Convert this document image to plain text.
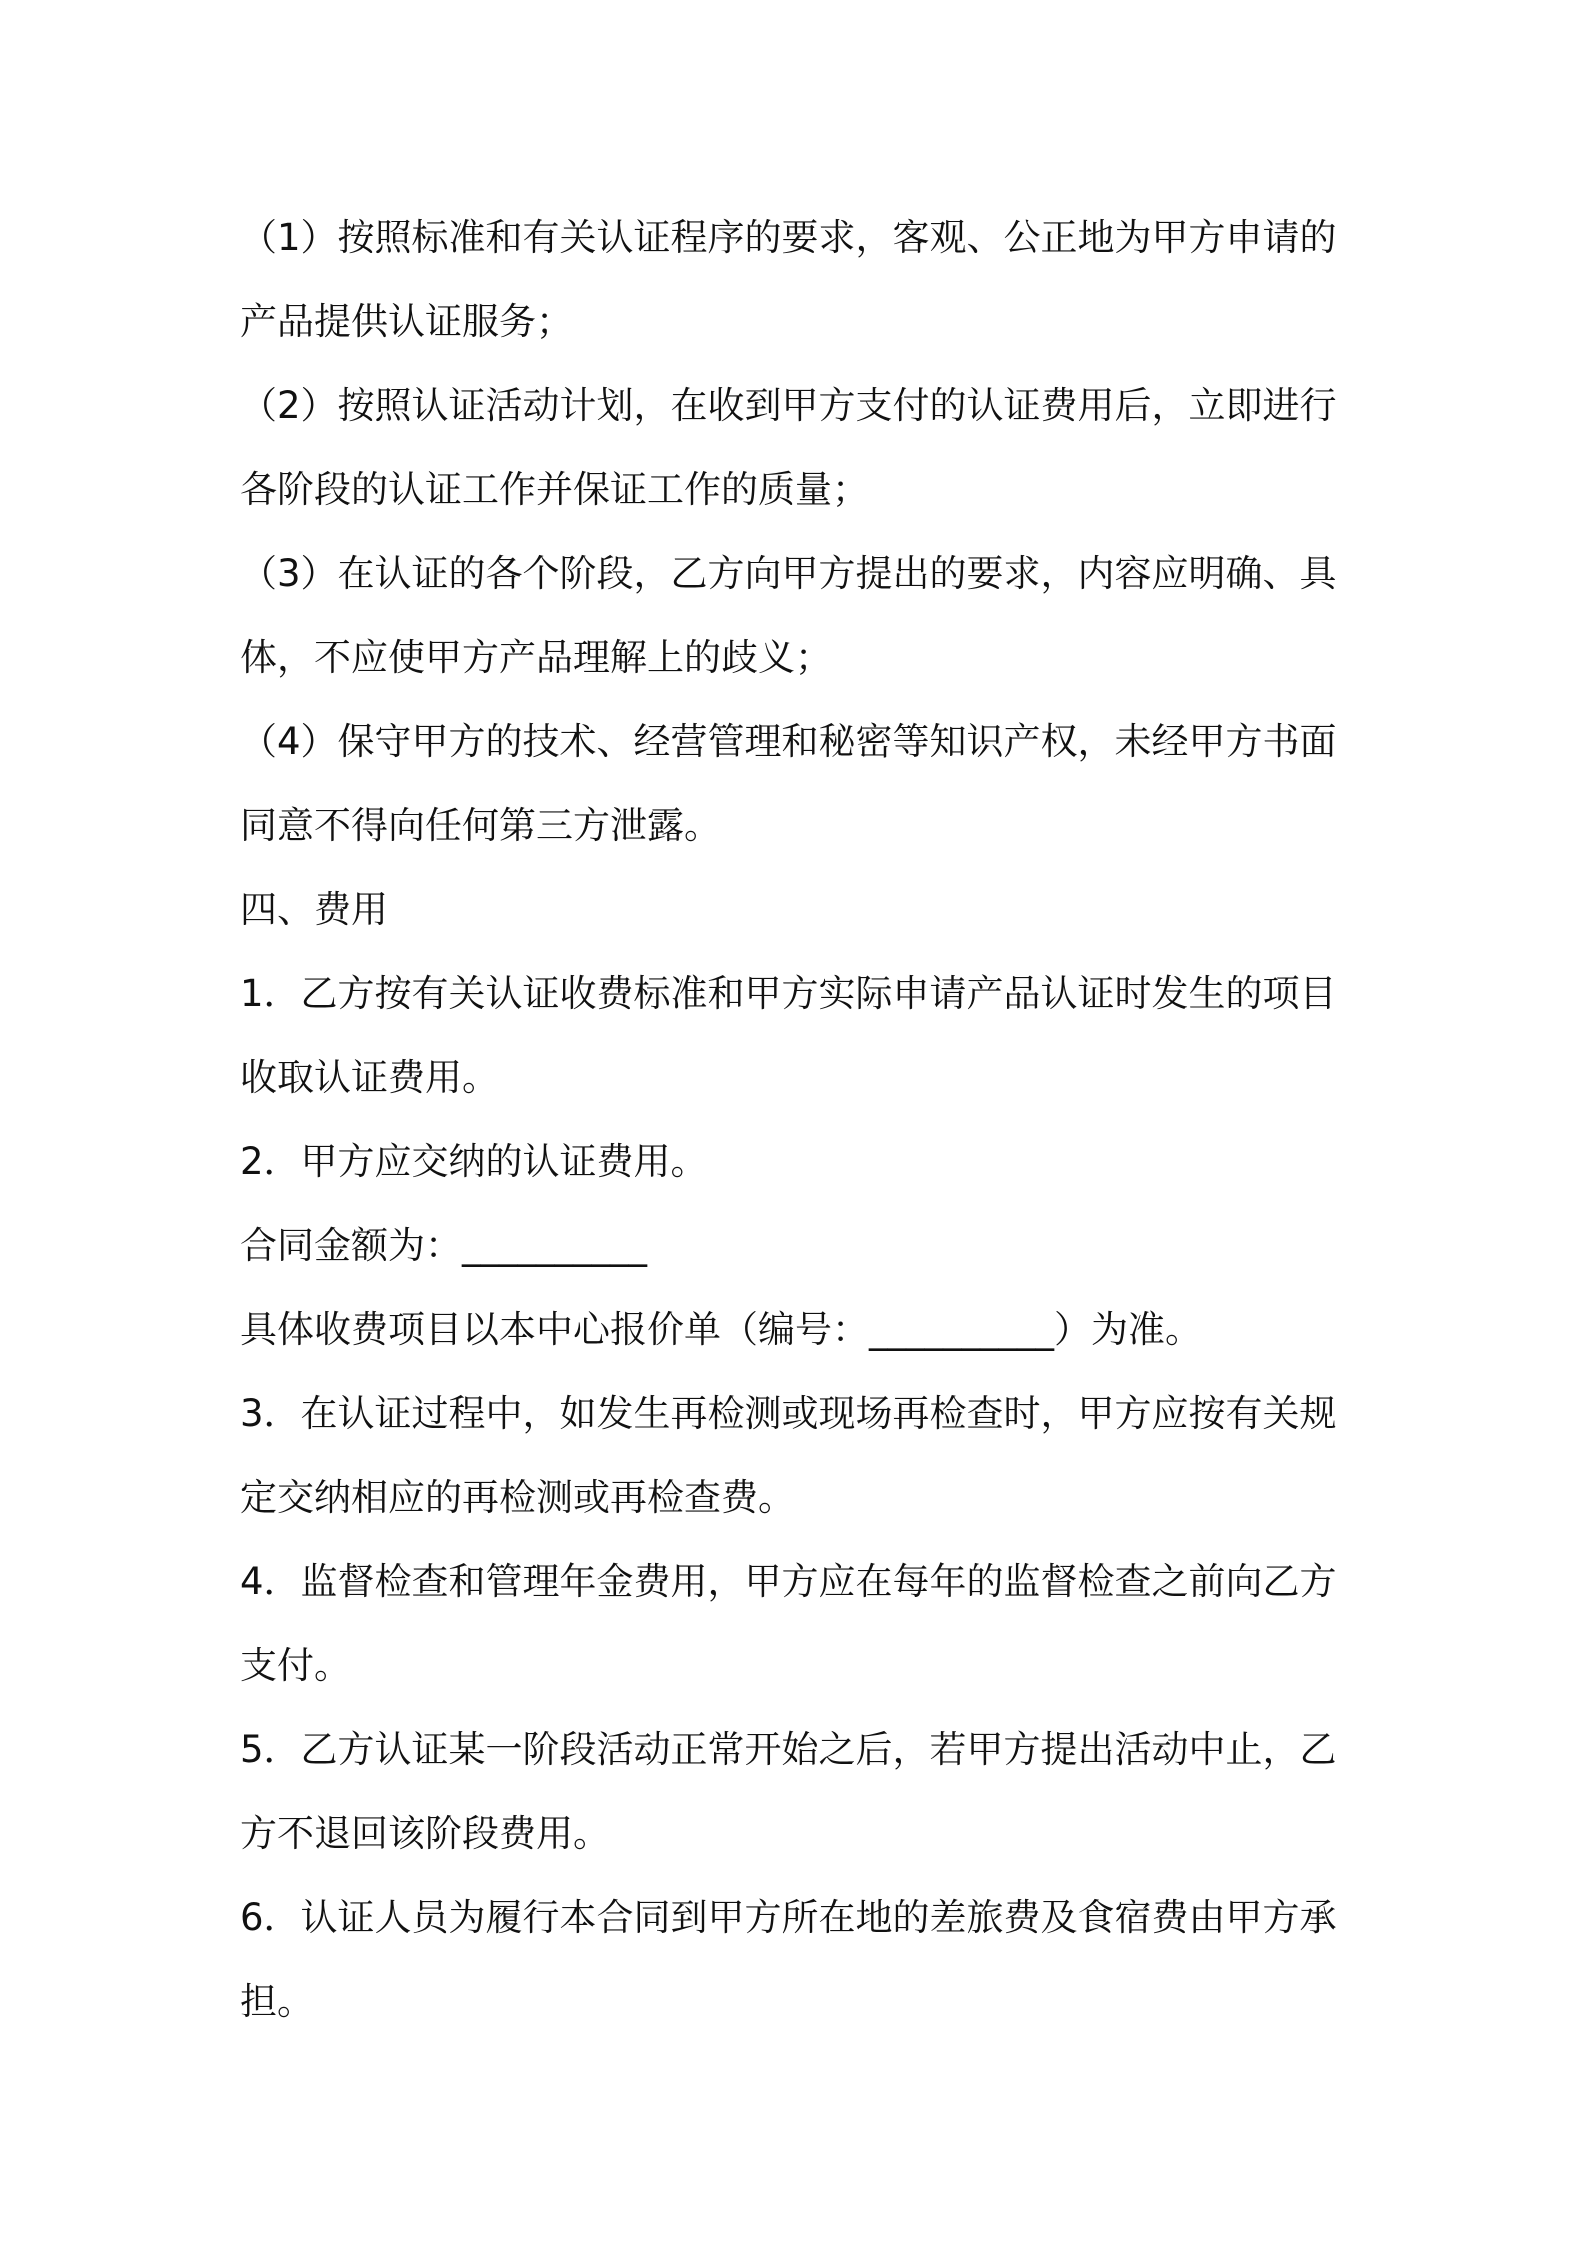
（1）按照标准和有关认证程序的要求，客观、公正地为甲方申请的
产品提供认证服务；
（2）按照认证活动计划，在收到甲方支付的认证费用后，立即进行
各阶段的认证工作并保证工作的质量；
（3）在认证的各个阶段，乙方向甲方提出的要求，内容应明确、具
体，不应使甲方产品理解上的歧义；
（4）保守甲方的技术、经营管理和秘密等知识产权，未经甲方书面
同意不得向任何第三方泄露。
四、费用
1．乙方按有关认证收费标准和甲方实际申请产品认证时发生的项目
收取认证费用。
2．甲方应交纳的认证费用。
合同金额为：__________
具体收费项目以本中心报价单（编号：__________）为准。
3．在认证过程中，如发生再检测或现场再检查时，甲方应按有关规
定交纳相应的再检测或再检查费。
4．监督检查和管理年金费用，甲方应在每年的监督检查之前向乙方
支付。
5．乙方认证某一阶段活动正常开始之后，若甲方提出活动中止，乙
方不退回该阶段费用。
6．认证人员为履行本合同到甲方所在地的差旅费及食宿费由甲方承
担。
